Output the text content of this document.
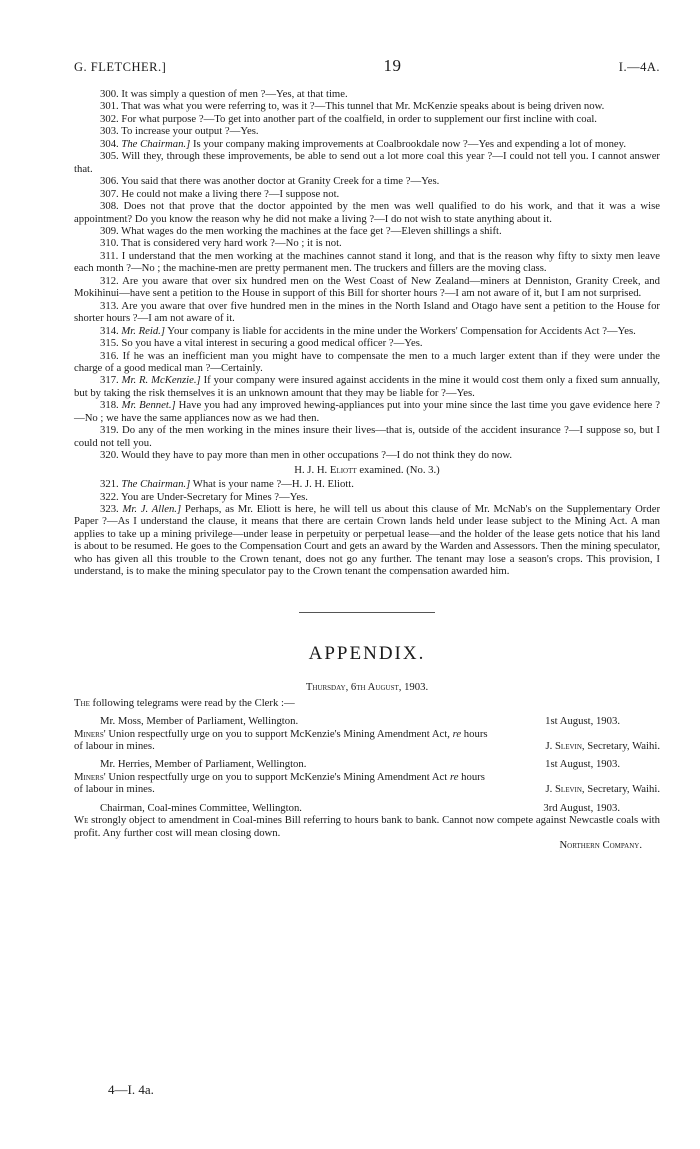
G. FLETCHER.]	19	I.—4A.

300. It was simply a question of men ?—Yes, at that time.

301. That was what you were referring to, was it ?—This tunnel that Mr. McKenzie speaks about is being driven now.

302. For what purpose ?—To get into another part of the coalfield, in order to supplement our first incline with coal.

303. To increase your output ?—Yes.

304. The Chairman.] Is your company making improvements at Coalbrookdale now ?—Yes and expending a lot of money.

305. Will they, through these improvements, be able to send out a lot more coal this year ?—I could not tell you. I cannot answer that.

306. You said that there was another doctor at Granity Creek for a time ?—Yes.

307. He could not make a living there ?—I suppose not.

308. Does not that prove that the doctor appointed by the men was well qualified to do his work, and that it was a wise appointment? Do you know the reason why he did not make a living ?—I do not wish to state anything about it.

309. What wages do the men working the machines at the face get ?—Eleven shillings a shift.

310. That is considered very hard work ?—No ; it is not.

311. I understand that the men working at the machines cannot stand it long, and that is the reason why fifty to sixty men leave each month ?—No ; the machine-men are pretty permanent men. The truckers and fillers are the moving class.

312. Are you aware that over six hundred men on the West Coast of New Zealand—miners at Denniston, Granity Creek, and Mokihinui—have sent a petition to the House in support of this Bill for shorter hours ?—I am not aware of it, but I am not surprised.

313. Are you aware that over five hundred men in the mines in the North Island and Otago have sent a petition to the House for shorter hours ?—I am not aware of it.

314. Mr. Reid.] Your company is liable for accidents in the mine under the Workers' Compensation for Accidents Act ?—Yes.

315. So you have a vital interest in securing a good medical officer ?—Yes.

316. If he was an inefficient man you might have to compensate the men to a much larger extent than if they were under the charge of a good medical man ?—Certainly.

317. Mr. R. McKenzie.] If your company were insured against accidents in the mine it would cost them only a fixed sum annually, but by taking the risk themselves it is an unknown amount that they may be liable for ?—Yes.

318. Mr. Bennet.] Have you had any improved hewing-appliances put into your mine since the last time you gave evidence here ?—No ; we have the same appliances now as we had then.

319. Do any of the men working in the mines insure their lives—that is, outside of the accident insurance ?—I suppose so, but I could not tell you.

320. Would they have to pay more than men in other occupations ?—I do not think they do now.

H. J. H. Eliott examined. (No. 3.)

321. The Chairman.] What is your name ?—H. J. H. Eliott.

322. You are Under-Secretary for Mines ?—Yes.

323. Mr. J. Allen.] Perhaps, as Mr. Eliott is here, he will tell us about this clause of Mr. McNab's on the Supplementary Order Paper ?—As I understand the clause, it means that there are certain Crown lands held under lease subject to the Mining Act. A man applies to take up a mining privilege—under lease in perpetuity or perpetual lease—and the holder of the lease gets notice that his land is about to be resumed. He goes to the Compensation Court and gets an award by the Warden and Assessors. Then the mining speculator, who has given all this trouble to the Crown tenant, does not go any further. The tenant may lose a season's crops. This provision, I understand, is to make the mining speculator pay to the Crown tenant the compensation awarded him.

APPENDIX.
Thursday, 6th August, 1903.
The following telegrams were read by the Clerk :—
Mr. Moss, Member of Parliament, Wellington.	1st August, 1903.
Miners' Union respectfully urge on you to support McKenzie's Mining Amendment Act, re hours
of labour in mines.	J. Slevin, Secretary, Waihi.
Mr. Herries, Member of Parliament, Wellington.	1st August, 1903.
Miners' Union respectfully urge on you to support McKenzie's Mining Amendment Act re hours
of labour in mines.	J. Slevin, Secretary, Waihi.
Chairman, Coal-mines Committee, Wellington.	3rd August, 1903.
We strongly object to amendment in Coal-mines Bill referring to hours bank to bank. Cannot now compete against Newcastle coals with profit. Any further cost will mean closing down.
Northern Company.
4—I. 4a.
